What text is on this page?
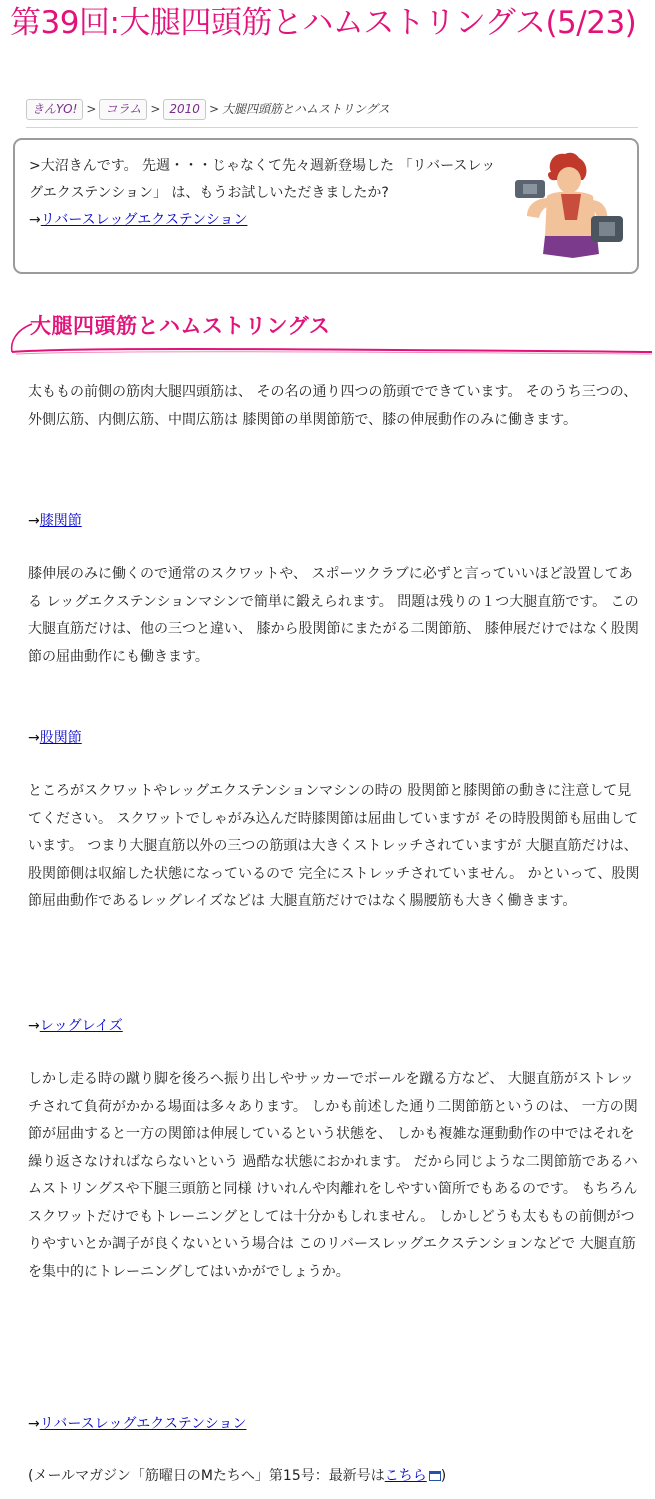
第39回:大腿四頭筋とハムストリングス(5/23)
きんYO! > コラム > 2010 > 大腿四頭筋とハムストリングス
>大沼きんです。 先週・・・じゃなくて先々週新登場した 「リバースレッグエクステンション」 は、もうお試しいただきましたか?
→リバースレッグエクステンション
大腿四頭筋とハムストリングス

太ももの前側の筋肉大腿四頭筋は、 その名の通り四つの筋頭でできています。 そのうち三つの、外側広筋、内側広筋、中間広筋は 膝関節の単関節筋で、膝の伸展動作のみに働きます。

→膝関節

膝伸展のみに働くので通常のスクワットや、 スポーツクラブに必ずと言っていいほど設置してある レッグエクステンションマシンで簡単に鍛えられます。 問題は残りの１つ大腿直筋です。 この大腿直筋だけは、他の三つと違い、 膝から股関節にまたがる二関節筋、 膝伸展だけではなく股関節の屈曲動作にも働きます。

→股関節

ところがスクワットやレッグエクステンションマシンの時の 股関節と膝関節の動きに注意して見てください。 スクワットでしゃがみ込んだ時膝関節は屈曲していますが その時股関節も屈曲しています。 つまり大腿直筋以外の三つの筋頭は大きくストレッチされていますが 大腿直筋だけは、股関節側は収縮した状態になっているので 完全にストレッチされていません。 かといって、股関節屈曲動作であるレッグレイズなどは 大腿直筋だけではなく腸腰筋も大きく働きます。

→レッグレイズ

しかし走る時の蹴り脚を後ろへ振り出しやサッカーでボールを蹴る方など、 大腿直筋がストレッチされて負荷がかかる場面は多々あります。 しかも前述した通り二関節筋というのは、 一方の関節が屈曲すると一方の関節は伸展しているという状態を、 しかも複雑な運動動作の中ではそれを繰り返さなければならないという 過酷な状態におかれます。 だから同じような二関節筋であるハムストリングスや下腿三頭筋と同様 けいれんや肉離れをしやすい箇所でもあるのです。 もちろんスクワットだけでもトレーニングとしては十分かもしれません。 しかしどうも太ももの前側がつりやすいとか調子が良くないという場合は このリバースレッグエクステンションなどで 大腿直筋を集中的にトレーニングしてはいかがでしょうか。

→リバースレッグエクステンション
(メールマガジン「筋曜日のMたちへ」第15号：最新号はこちら )
